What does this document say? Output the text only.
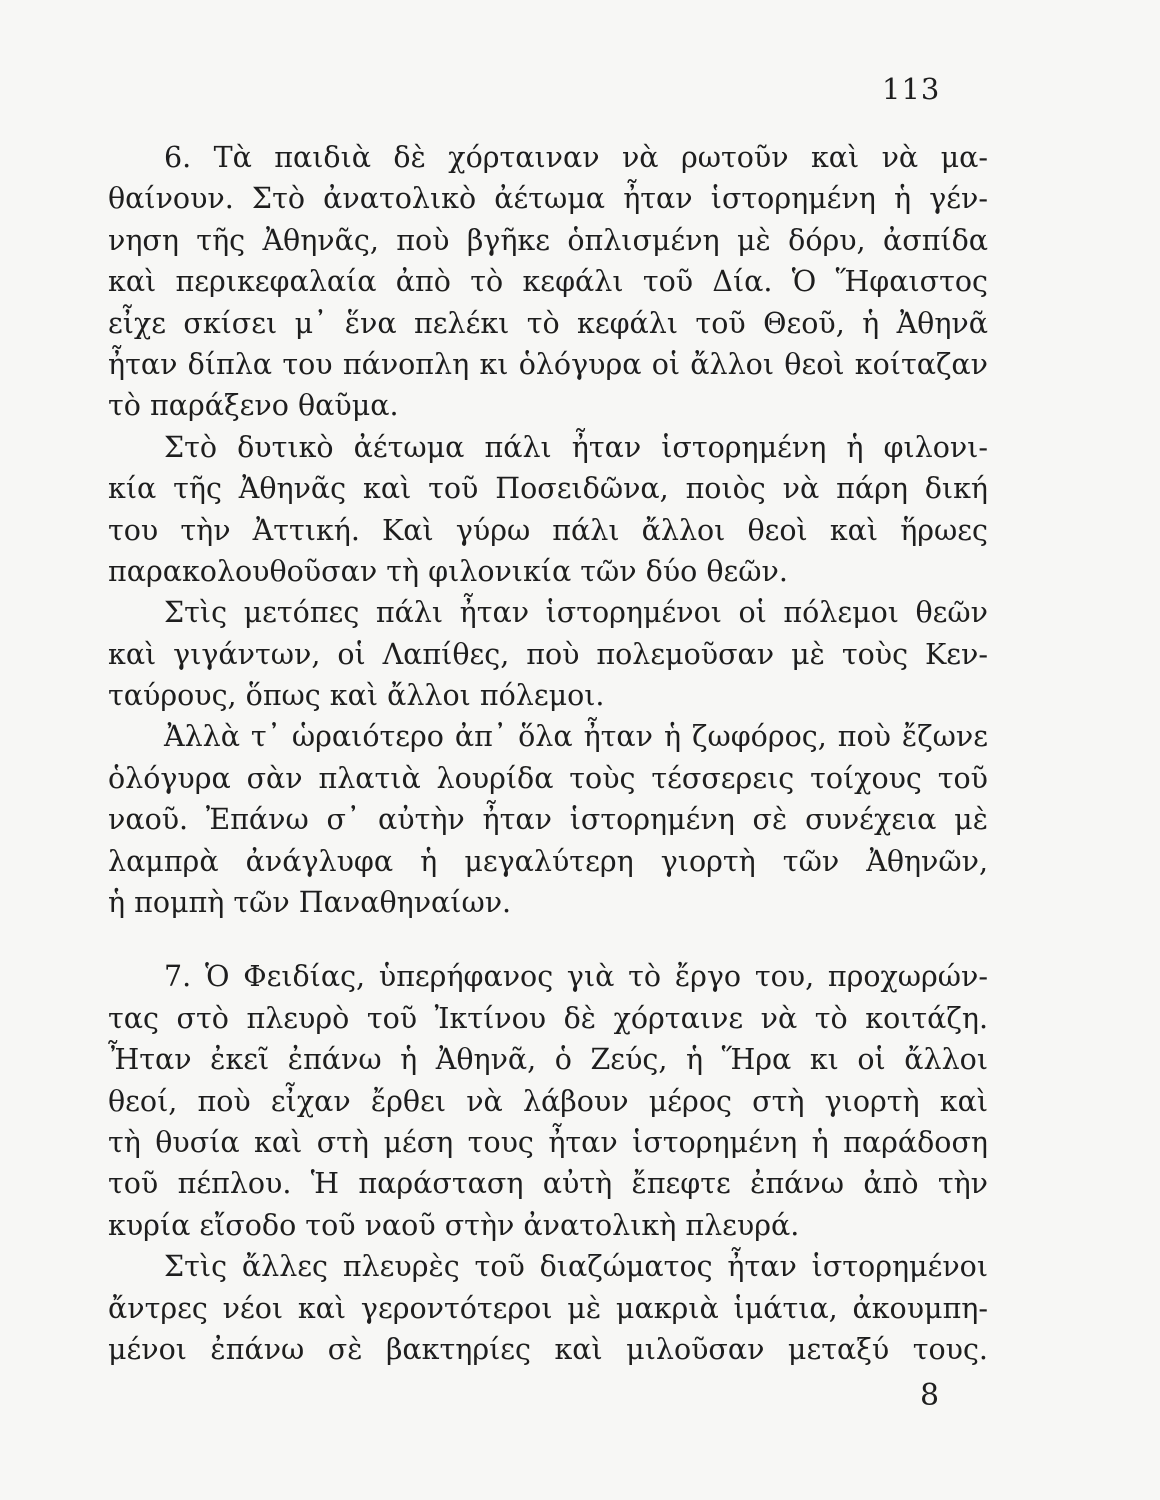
113

6. Τὰ παιδιὰ δὲ χόρταιναν νὰ ρωτοῦν καὶ νὰ μα-
θαίνουν. Στὸ ἀνατολικὸ ἀέτωμα ἦταν ἱστορημένη ἡ γέν-
νηση τῆς Ἀθηνᾶς, ποὺ βγῆκε ὁπλισμένη μὲ δόρυ, ἀσπίδα
καὶ περικεφαλαία ἀπὸ τὸ κεφάλι τοῦ Δία. Ὁ Ἥφαιστος
εἶχε σκίσει μ᾿ ἕνα πελέκι τὸ κεφάλι τοῦ Θεοῦ, ἡ Ἀθηνᾶ
ἦταν δίπλα του πάνοπλη κι ὁλόγυρα οἱ ἄλλοι θεοὶ κοίταζαν
τὸ παράξενο θαῦμα.
Στὸ δυτικὸ ἀέτωμα πάλι ἦταν ἱστορημένη ἡ φιλονι-
κία τῆς Ἀθηνᾶς καὶ τοῦ Ποσειδῶνα, ποιὸς νὰ πάρη δική
του τὴν Ἀττική. Καὶ γύρω πάλι ἄλλοι θεοὶ καὶ ἥρωες
παρακολουθοῦσαν τὴ φιλονικία τῶν δύο θεῶν.
Στὶς μετόπες πάλι ἦταν ἱστορημένοι οἱ πόλεμοι θεῶν
καὶ γιγάντων, οἱ Λαπίθες, ποὺ πολεμοῦσαν μὲ τοὺς Κεν-
ταύρους, ὅπως καὶ ἄλλοι πόλεμοι.
Ἀλλὰ τ᾿ ὡραιότερο ἀπ᾿ ὅλα ἦταν ἡ ζωφόρος, ποὺ ἔζωνε
ὁλόγυρα σὰν πλατιὰ λουρίδα τοὺς τέσσερεις τοίχους τοῦ
ναοῦ. Ἐπάνω σ᾿ αὐτὴν ἦταν ἱστορημένη σὲ συνέχεια μὲ
λαμπρὰ ἀνάγλυφα ἡ μεγαλύτερη γιορτὴ τῶν Ἀθηνῶν,
ἡ πομπὴ τῶν Παναθηναίων.
7. Ὁ Φειδίας, ὑπερήφανος γιὰ τὸ ἔργο του, προχωρών-
τας στὸ πλευρὸ τοῦ Ἰκτίνου δὲ χόρταινε νὰ τὸ κοιτάζη.
Ἦταν ἐκεῖ ἐπάνω ἡ Ἀθηνᾶ, ὁ Ζεύς, ἡ Ἥρα κι οἱ ἄλλοι
θεοί, ποὺ εἶχαν ἔρθει νὰ λάβουν μέρος στὴ γιορτὴ καὶ
τὴ θυσία καὶ στὴ μέση τους ἦταν ἱστορημένη ἡ παράδοση
τοῦ πέπλου. Ἡ παράσταση αὐτὴ ἔπεφτε ἐπάνω ἀπὸ τὴν
κυρία εἴσοδο τοῦ ναοῦ στὴν ἀνατολικὴ πλευρά.
Στὶς ἄλλες πλευρὲς τοῦ διαζώματος ἦταν ἱστορημένοι
ἄντρες νέοι καὶ γεροντότεροι μὲ μακριὰ ἱμάτια, ἀκουμπη-
μένοι ἐπάνω σὲ βακτηρίες καὶ μιλοῦσαν μεταξύ τους.

8
